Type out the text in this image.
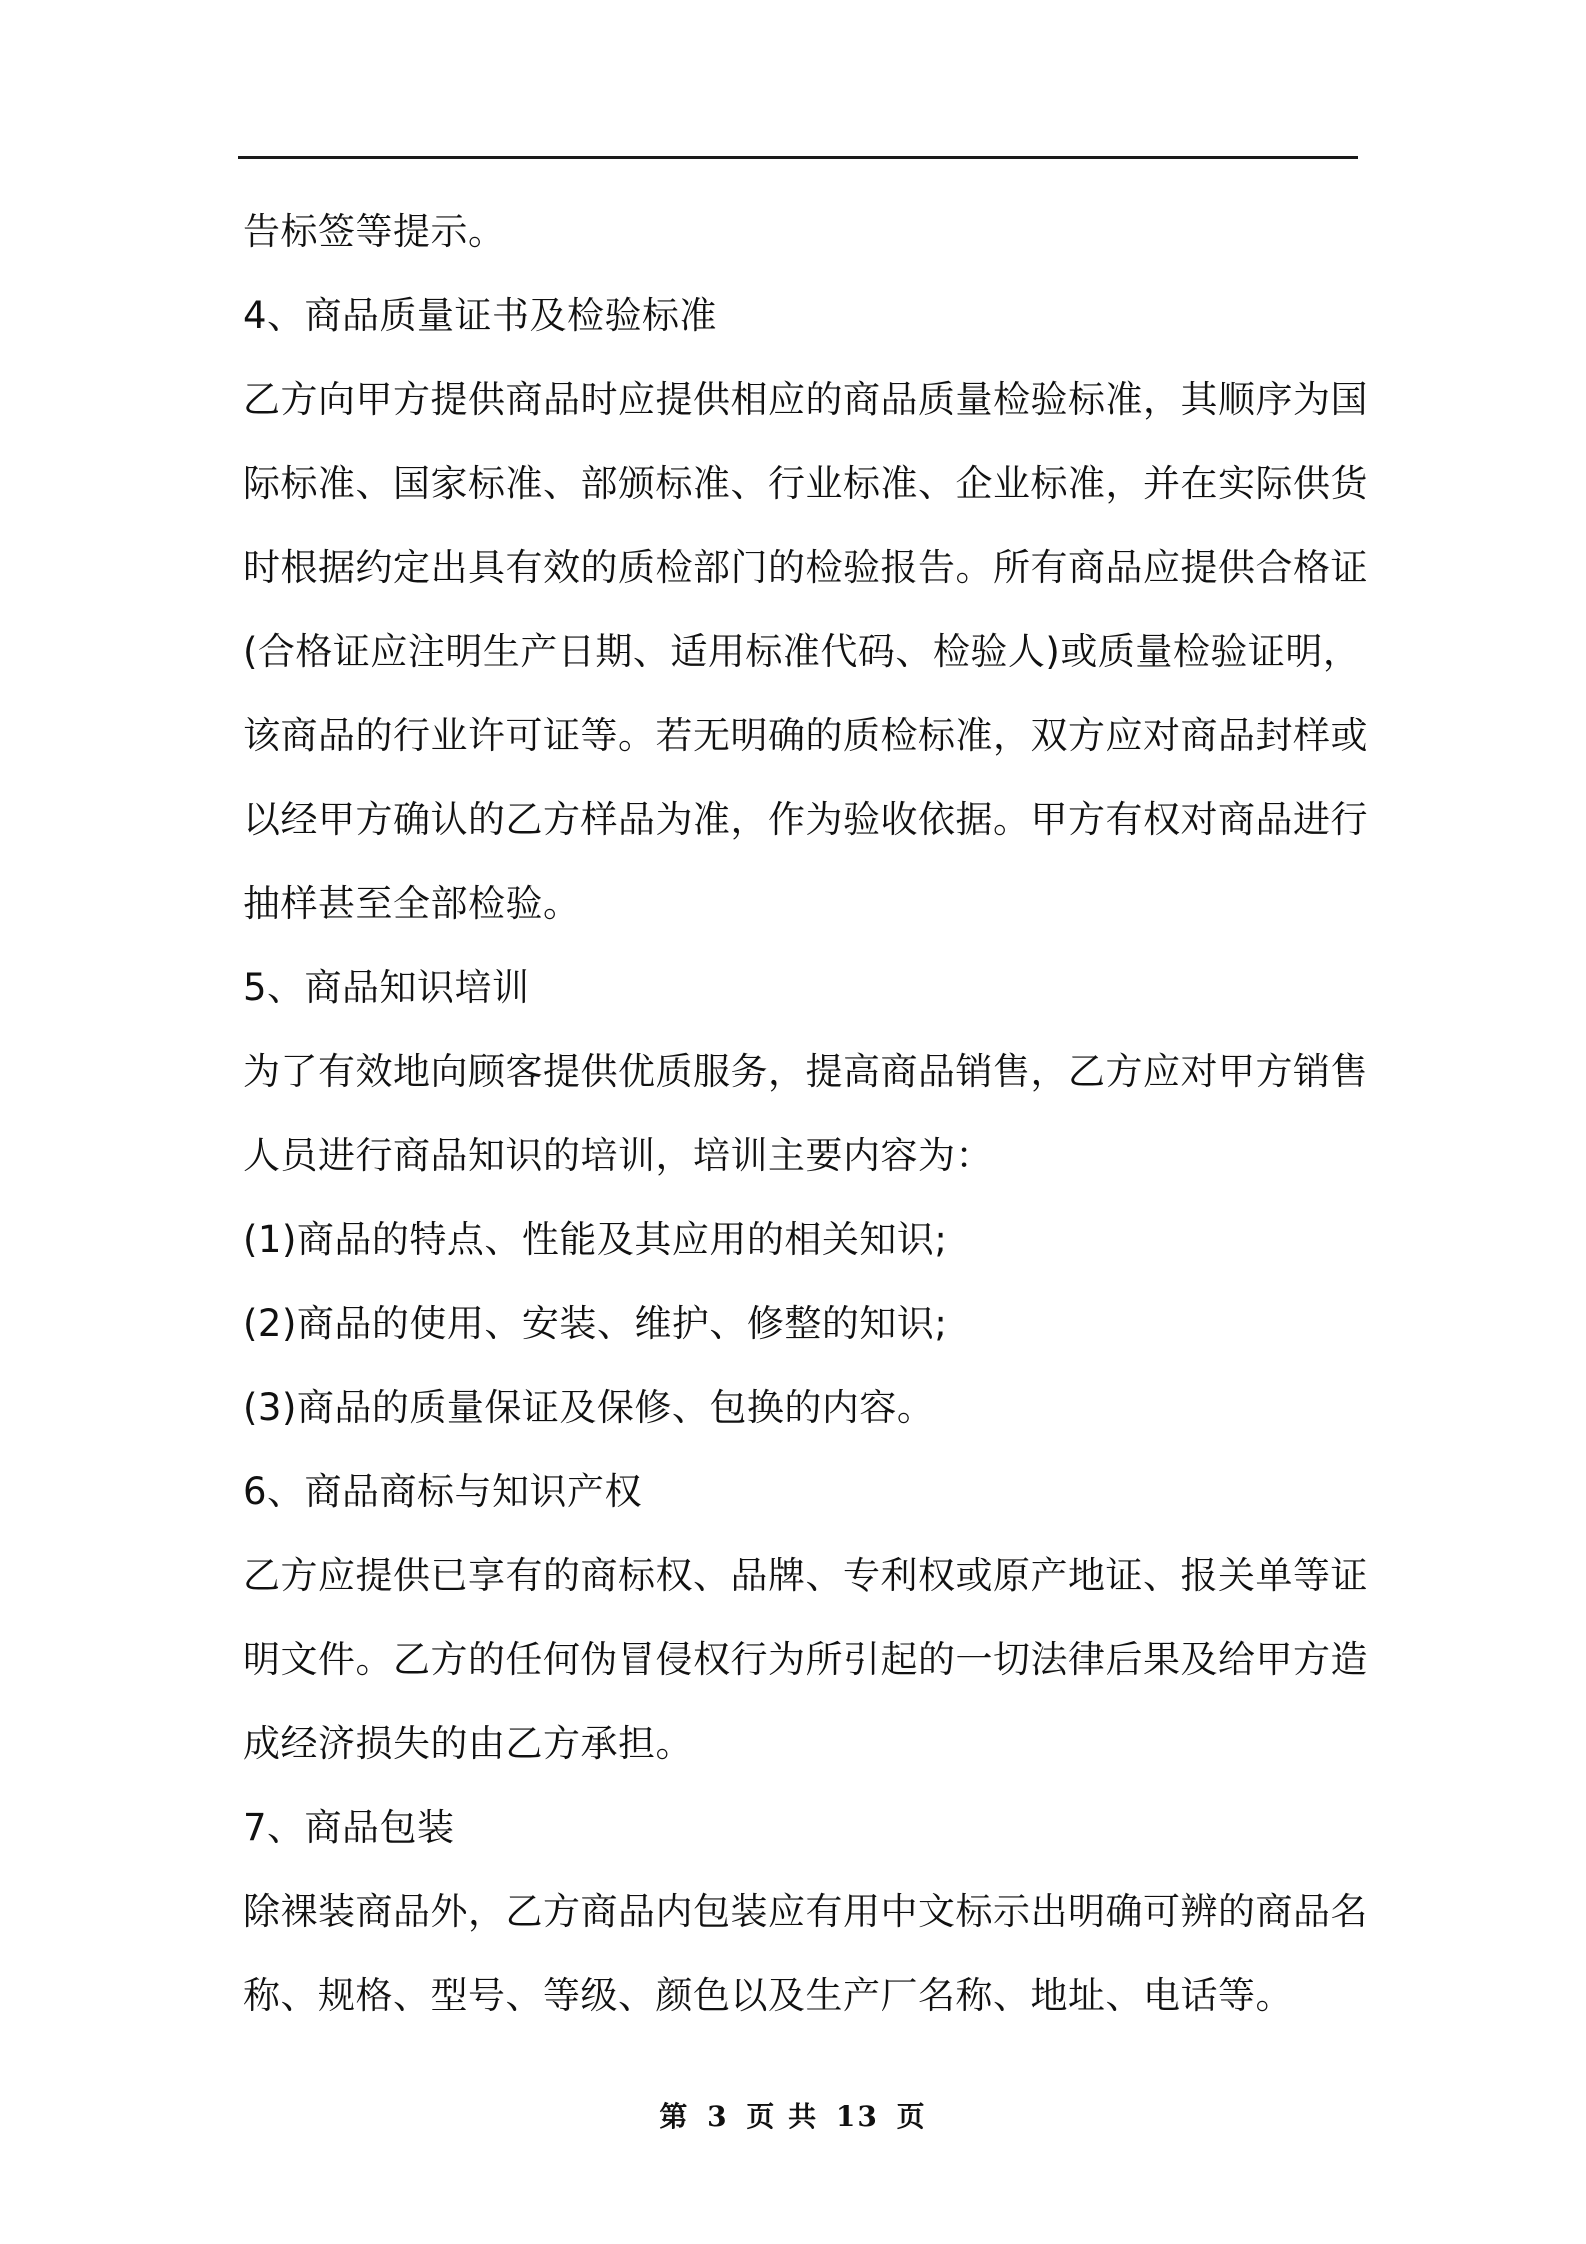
告标签等提示。
4、商品质量证书及检验标准
乙方向甲方提供商品时应提供相应的商品质量检验标准，其顺序为国
际标准、国家标准、部颁标准、行业标准、企业标准，并在实际供货
时根据约定出具有效的质检部门的检验报告。所有商品应提供合格证
(合格证应注明生产日期、适用标准代码、检验人)或质量检验证明，
该商品的行业许可证等。若无明确的质检标准，双方应对商品封样或
以经甲方确认的乙方样品为准，作为验收依据。甲方有权对商品进行
抽样甚至全部检验。
5、商品知识培训
为了有效地向顾客提供优质服务，提高商品销售，乙方应对甲方销售
人员进行商品知识的培训，培训主要内容为：
(1)商品的特点、性能及其应用的相关知识;
(2)商品的使用、安装、维护、修整的知识;
(3)商品的质量保证及保修、包换的内容。
6、商品商标与知识产权
乙方应提供已享有的商标权、品牌、专利权或原产地证、报关单等证
明文件。乙方的任何伪冒侵权行为所引起的一切法律后果及给甲方造
成经济损失的由乙方承担。
7、商品包装
除裸装商品外，乙方商品内包装应有用中文标示出明确可辨的商品名
称、规格、型号、等级、颜色以及生产厂名称、地址、电话等。
第 3 页 共 13 页
